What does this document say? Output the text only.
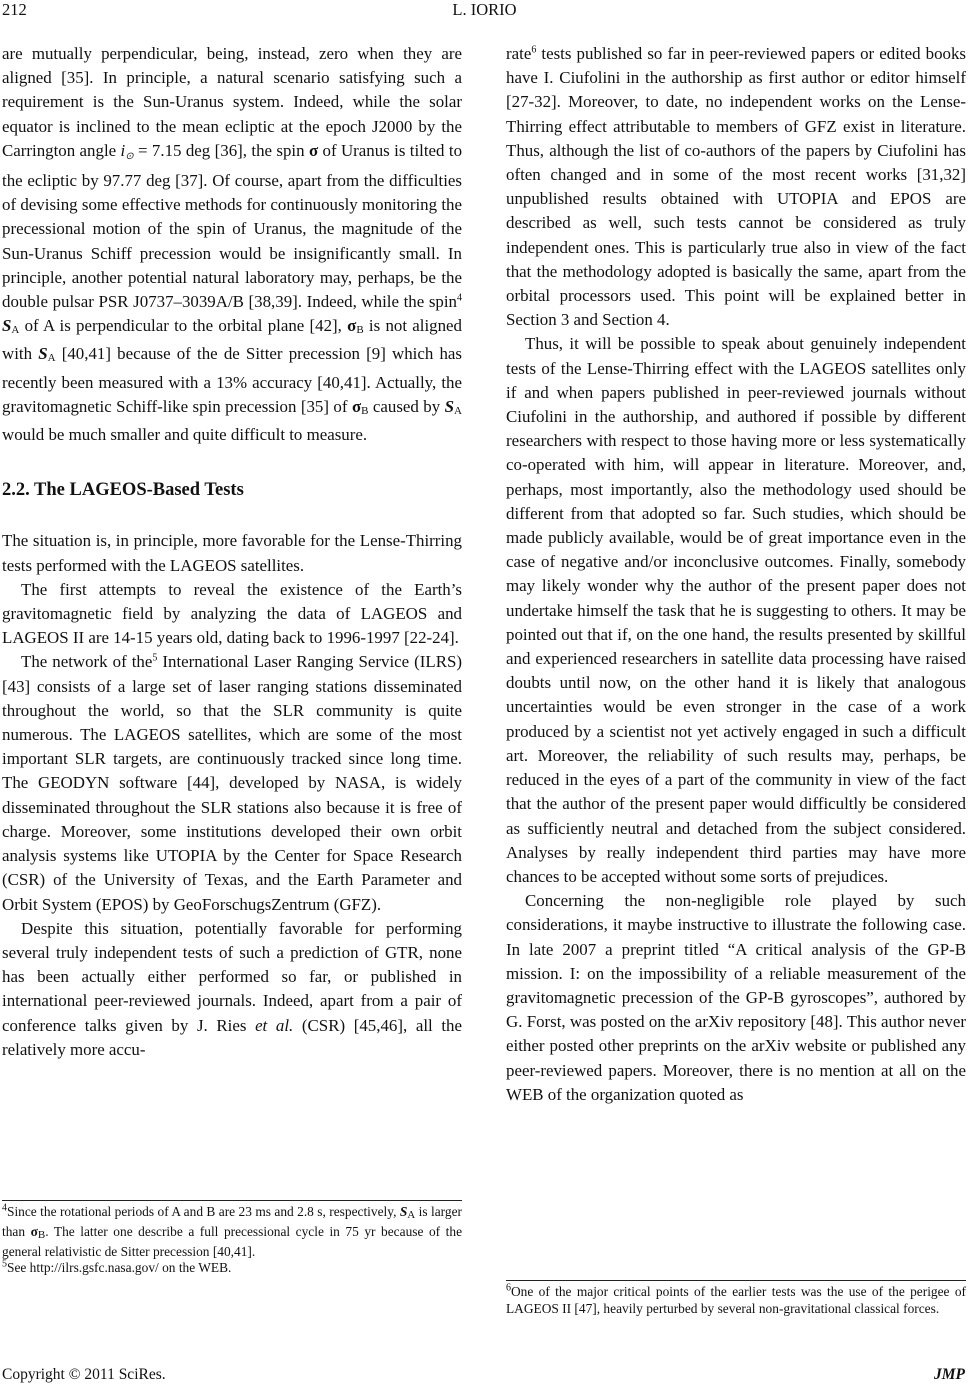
212	L. IORIO

are mutually perpendicular, being, instead, zero when they are aligned [35]. In principle, a natural scenario satisfying such a requirement is the Sun-Uranus system. Indeed, while the solar equator is inclined to the mean ecliptic at the epoch J2000 by the Carrington angle i⊙ = 7.15 deg [36], the spin σ of Uranus is tilted to the ecliptic by 97.77 deg [37]. Of course, apart from the difficulties of devising some effective methods for continuously monitoring the precessional motion of the spin of Uranus, the magnitude of the Sun-Uranus Schiff precession would be insignificantly small. In principle, another potential natural laboratory may, perhaps, be the double pulsar PSR J0737–3039A/B [38,39]. Indeed, while the spin$^4$ SA of A is perpendicular to the orbital plane [42], σB is not aligned with SA [40,41] because of the de Sitter precession [9] which has recently been measured with a 13% accuracy [40,41]. Actually, the gravitomagnetic Schiff-like spin precession [35] of σB caused by SA would be much smaller and quite difficult to measure.

2.2. The LAGEOS-Based Tests

The situation is, in principle, more favorable for the Lense-Thirring tests performed with the LAGEOS satellites.

The first attempts to reveal the existence of the Earth’s gravitomagnetic field by analyzing the data of LAGEOS and LAGEOS II are 14-15 years old, dating back to 1996-1997 [22-24].

The network of the$^5$ International Laser Ranging Service (ILRS) [43] consists of a large set of laser ranging stations disseminated throughout the world, so that the SLR community is quite numerous. The LAGEOS satellites, which are some of the most important SLR targets, are continuously tracked since long time. The GEODYN software [44], developed by NASA, is widely disseminated throughout the SLR stations also because it is free of charge. Moreover, some institutions developed their own orbit analysis systems like UTOPIA by the Center for Space Research (CSR) of the University of Texas, and the Earth Parameter and Orbit System (EPOS) by GeoForschugsZentrum (GFZ).

Despite this situation, potentially favorable for performing several truly independent tests of such a prediction of GTR, none has been actually either performed so far, or published in international peer-reviewed journals. Indeed, apart from a pair of conference talks given by J. Ries et al. (CSR) [45,46], all the relatively more accu-

$^4$Since the rotational periods of A and B are 23 ms and 2.8 s, respectively, SA is larger than σB. The latter one describe a full precessional cycle in 75 yr because of the general relativistic de Sitter precession [40,41].

$^5$See http://ilrs.gsfc.nasa.gov/ on the WEB.

rate$^6$ tests published so far in peer-reviewed papers or edited books have I. Ciufolini in the authorship as first author or editor himself [27-32]. Moreover, to date, no independent works on the Lense-Thirring effect attributable to members of GFZ exist in literature. Thus, although the list of co-authors of the papers by Ciufolini has often changed and in some of the most recent works [31,32] unpublished results obtained with UTOPIA and EPOS are described as well, such tests cannot be considered as truly independent ones. This is particularly true also in view of the fact that the methodology adopted is basically the same, apart from the orbital processors used. This point will be explained better in Section 3 and Section 4.

Thus, it will be possible to speak about genuinely independent tests of the Lense-Thirring effect with the LAGEOS satellites only if and when papers published in peer-reviewed journals without Ciufolini in the authorship, and authored if possible by different researchers with respect to those having more or less systematically co-operated with him, will appear in literature. Moreover, and, perhaps, most importantly, also the methodology used should be different from that adopted so far. Such studies, which should be made publicly available, would be of great importance even in the case of negative and/or inconclusive outcomes. Finally, somebody may likely wonder why the author of the present paper does not undertake himself the task that he is suggesting to others. It may be pointed out that if, on the one hand, the results presented by skillful and experienced researchers in satellite data processing have raised doubts until now, on the other hand it is likely that analogous uncertainties would be even stronger in the case of a work produced by a scientist not yet actively engaged in such a difficult art. Moreover, the reliability of such results may, perhaps, be reduced in the eyes of a part of the community in view of the fact that the author of the present paper would difficultly be considered as sufficiently neutral and detached from the subject considered. Analyses by really independent third parties may have more chances to be accepted without some sorts of prejudices.

Concerning the non-negligible role played by such considerations, it maybe instructive to illustrate the following case. In late 2007 a preprint titled “A critical analysis of the GP-B mission. I: on the impossibility of a reliable measurement of the gravitomagnetic precession of the GP-B gyroscopes”, authored by G. Forst, was posted on the arXiv repository [48]. This author never either posted other preprints on the arXiv website or published any peer-reviewed papers. Moreover, there is no mention at all on the WEB of the organization quoted as

$^6$One of the major critical points of the earlier tests was the use of the perigee of LAGEOS II [47], heavily perturbed by several non-gravitational classical forces.

Copyright © 2011 SciRes.	JMP
